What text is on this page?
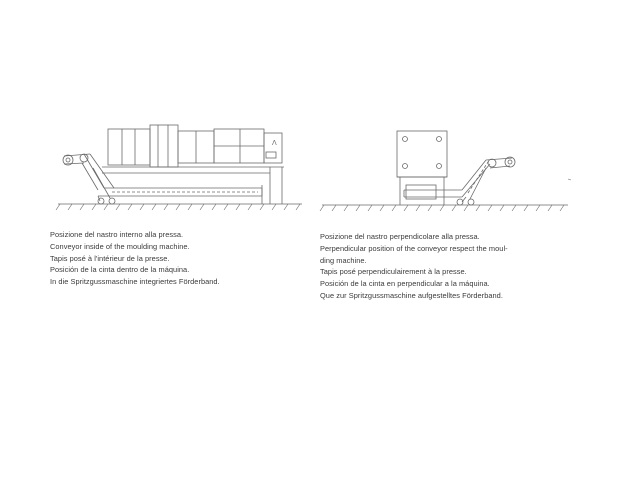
Λ
Posizione del nastro interno alla pressa.
Conveyor inside of the moulding machine.
Tapis posé à l'intérieur de la presse.
Posición de la cinta dentro de la máquina.
In die Spritzgussmaschine integriertes Förderband.
Posizione del nastro perpendicolare alla pressa.
Perpendicular position of the conveyor respect the moul-
ding machine.
Tapis posé perpendiculairement à la presse.
Posición de la cinta en perpendicular a la máquina.
Que zur Spritzgussmaschine aufgestelltes Förderband.
